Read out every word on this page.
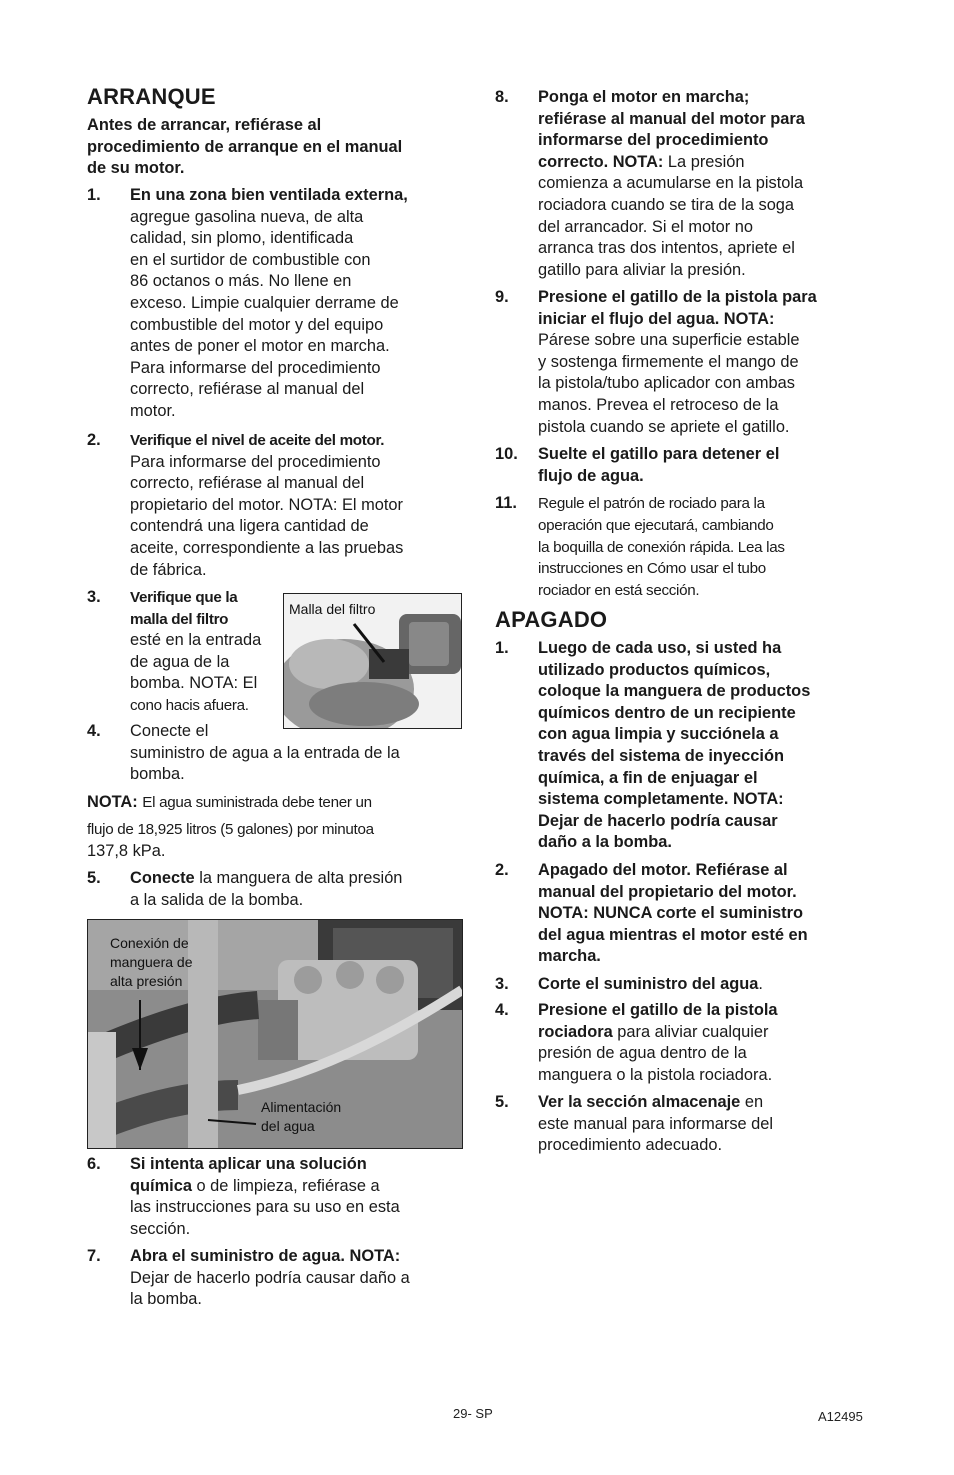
ARRANQUE
Antes de arrancar, refiérase al
procedimiento de arranque en el manual
de su motor.
1. En una zona bien ventilada externa,
agregue gasolina nueva, de alta
calidad, sin plomo, identificada
en el surtidor de combustible con
86 octanos o más. No llene en
exceso. Limpie cualquier derrame de
combustible del motor y del equipo
antes de poner el motor en marcha.
Para informarse del procedimiento
correcto, refiérase al manual del
motor.
2. Verifique el nivel de aceite del motor.
Para informarse del procedimiento
correcto, refiérase al manual del
propietario del motor. NOTA: El motor
contendrá una ligera cantidad de
aceite, correspondiente a las pruebas
de fábrica.
3. Verifique que la
malla del filtro
esté en la entrada
de agua de la
bomba. NOTA: El
cono hacis afuera.
Malla del filtro
4. Conecte el
suministro de agua a la entrada de la
bomba.
NOTA: El agua suministrada debe tener un
flujo de 18,925 litros (5 galones) por minutoa
137,8 kPa.
5. Conecte la manguera de alta presión
a la salida de la bomba.
Conexión de
manguera de
alta presión
Alimentación
del agua
6. Si intenta aplicar una solución
química o de limpieza, refiérase a
las instrucciones para su uso en esta
sección.
7. Abra el suministro de agua. NOTA:
Dejar de hacerlo podría causar daño a
la bomba.
8. Ponga el motor en marcha;
refiérase al manual del motor para
informarse del procedimiento
correcto. NOTA: La presión
comienza a acumularse en la pistola
rociadora cuando se tira de la soga
del arrancador. Si el motor no
arranca tras dos intentos, apriete el
gatillo para aliviar la presión.
9. Presione el gatillo de la pistola para
iniciar el flujo del agua. NOTA:
Párese sobre una superficie estable
y sostenga firmemente el mango de
la pistola/tubo aplicador con ambas
manos. Prevea el retroceso de la
pistola cuando se apriete el gatillo.
10. Suelte el gatillo para detener el
flujo de agua.
11. Regule el patrón de rociado para la
operación que ejecutará, cambiando
la boquilla de conexión rápida. Lea las
instrucciones en Cómo usar el tubo
rociador en está sección.
APAGADO
1. Luego de cada uso, si usted ha
utilizado productos químicos,
coloque la manguera de productos
químicos dentro de un recipiente
con agua limpia y succiónela a
través del sistema de inyección
química, a fin de enjuagar el
sistema completamente. NOTA:
Dejar de hacerlo podría causar
daño a la bomba.
2. Apagado del motor. Refiérase al
manual del propietario del motor.
NOTA: NUNCA corte el suministro
del agua mientras el motor esté en
marcha.
3. Corte el suministro del agua.
4. Presione el gatillo de la pistola
rociadora para aliviar cualquier
presión de agua dentro de la
manguera o la pistola rociadora.
5. Ver la sección almacenaje en
este manual para informarse del
procedimiento adecuado.
29- SP	A12495
